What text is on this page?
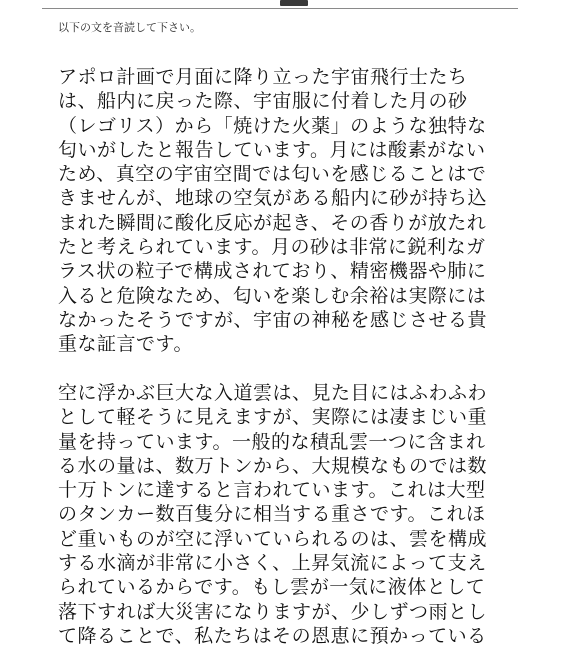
以下の文を音読して下さい。

アポロ計画で月面に降り立った宇宙飛行士たち
は、船内に戻った際、宇宙服に付着した月の砂
（レゴリス）から「焼けた火薬」のような独特な
匂いがしたと報告しています。月には酸素がない
ため、真空の宇宙空間では匂いを感じることはで
きませんが、地球の空気がある船内に砂が持ち込
まれた瞬間に酸化反応が起き、その香りが放たれ
たと考えられています。月の砂は非常に鋭利なガ
ラス状の粒子で構成されており、精密機器や肺に
入ると危険なため、匂いを楽しむ余裕は実際には
なかったそうですが、宇宙の神秘を感じさせる貴
重な証言です。

空に浮かぶ巨大な入道雲は、見た目にはふわふわ
として軽そうに見えますが、実際には凄まじい重
量を持っています。一般的な積乱雲一つに含まれ
る水の量は、数万トンから、大規模なものでは数
十万トンに達すると言われています。これは大型
のタンカー数百隻分に相当する重さです。これほ
ど重いものが空に浮いていられるのは、雲を構成
する水滴が非常に小さく、上昇気流によって支え
られているからです。もし雲が一気に液体として
落下すれば大災害になりますが、少しずつ雨とし
て降ることで、私たちはその恩恵に預かっている
